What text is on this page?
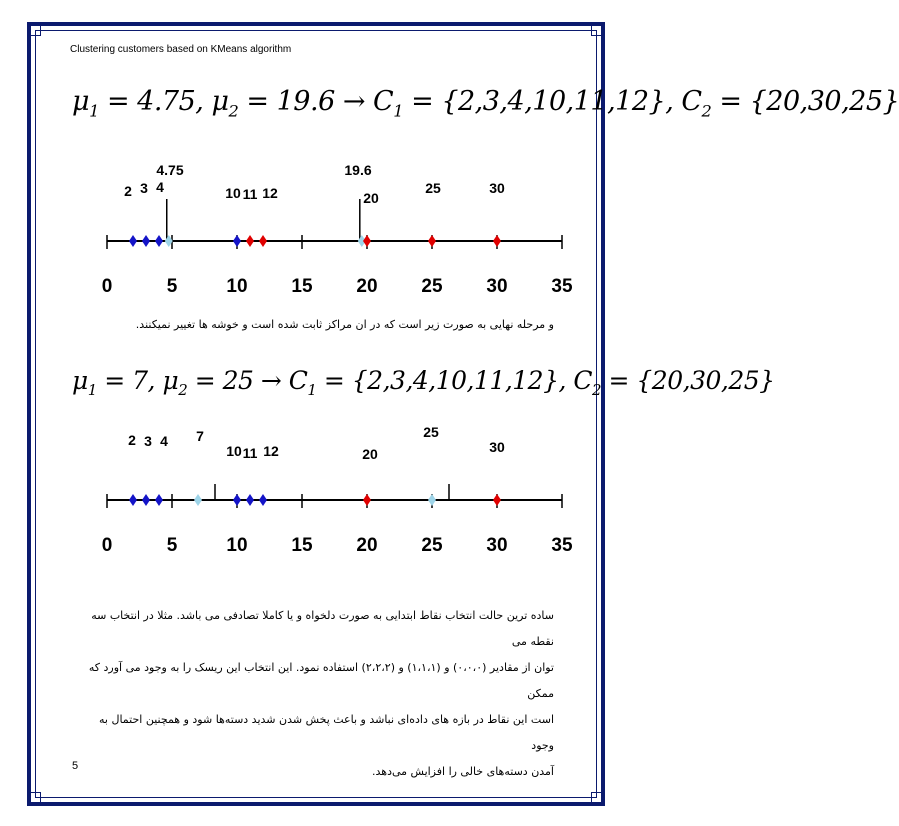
Clustering customers based on KMeans algorithm
$\mu_1 = 4.75$, $\mu_2 = 19.6 \to C_1 = \{2,3,4,10,11,12\}$, $C_2 = \{20,30,25\}$
0	5	10 15 20 25 30 35
2 3 4
4.75
10 11 12
19.6
20
25	30
و مرحله نهایی به صورت زیر است که در ان مراکز ثابت شده است و خوشه ها تغییر نمیکنند.
$\mu_1 = 7$, $\mu_2 = 25 \to C_1 = \{2,3,4,10,11,12\}$, $C_2 = \{20,30,25\}$
0	5	10 15 20 25 30 35
2 3 4 7
10 11 12	20
25
30

ساده ترین حالت انتخاب نقاط ابتدایی به صورت دلخواه و یا کاملا تصادفی می باشد. مثلا در انتخاب سه نقطه می

توان از مقادیر (۰،۰،۰) و (۱،۱،۱) و (۲،۲،۲) استفاده نمود. این انتخاب این ریسک را به وجود می آورد که ممکن

است این نقاط در بازه های داده‌ای نباشد و باعث پخش شدن شدید دسته‌ها شود و همچنین احتمال به وجود

آمدن دسته‌های خالی را افزایش می‌دهد.

5
